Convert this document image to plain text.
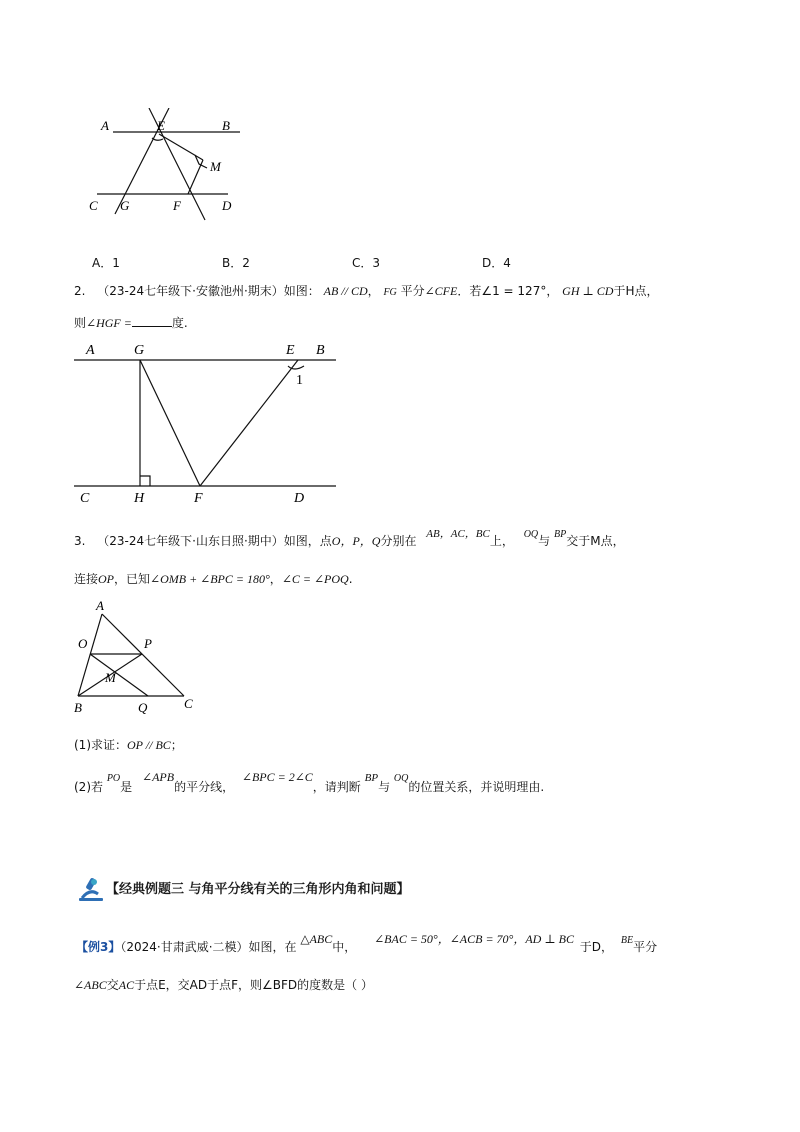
A	E	B
M
C G	F	D
A．1	B．2	C．3	D．4
2. （23-24七年级下·安徽池州·期末）如图： AB // CD， FG 平分∠CFE．若∠1 = 127°， GH ⊥ CD于H点，
则∠HGF =	度.
A	G	E B
1
C	H	F	D
3. （23-24七年级下·山东日照·期中）如图，点O，P，Q分别在 AB，AC，BC上， $^{OQ}$与 $^{BP}$交于M点，
连接OP，已知∠OMB + ∠BPC = 180°，∠C = ∠POQ.
A
O	P
M
B	Q	C
(1)求证：OP // BC；
(2)若 $^{PO}$是 ∠APB的平分线， ∠BPC = 2∠C，请判断 BP与 $^{OQ}$的位置关系，并说明理由.
【经典例题三 与角平分线有关的三角形内角和问题】
【例3】（2024·甘肃武威·二模）如图，在 △ABC中， ∠BAC = 50°，∠ACB = 70°，AD ⊥ BC 于D， $^{BE}$平分
∠ABC交AC于点E，交AD于点F，则∠BFD的度数是（ ）
